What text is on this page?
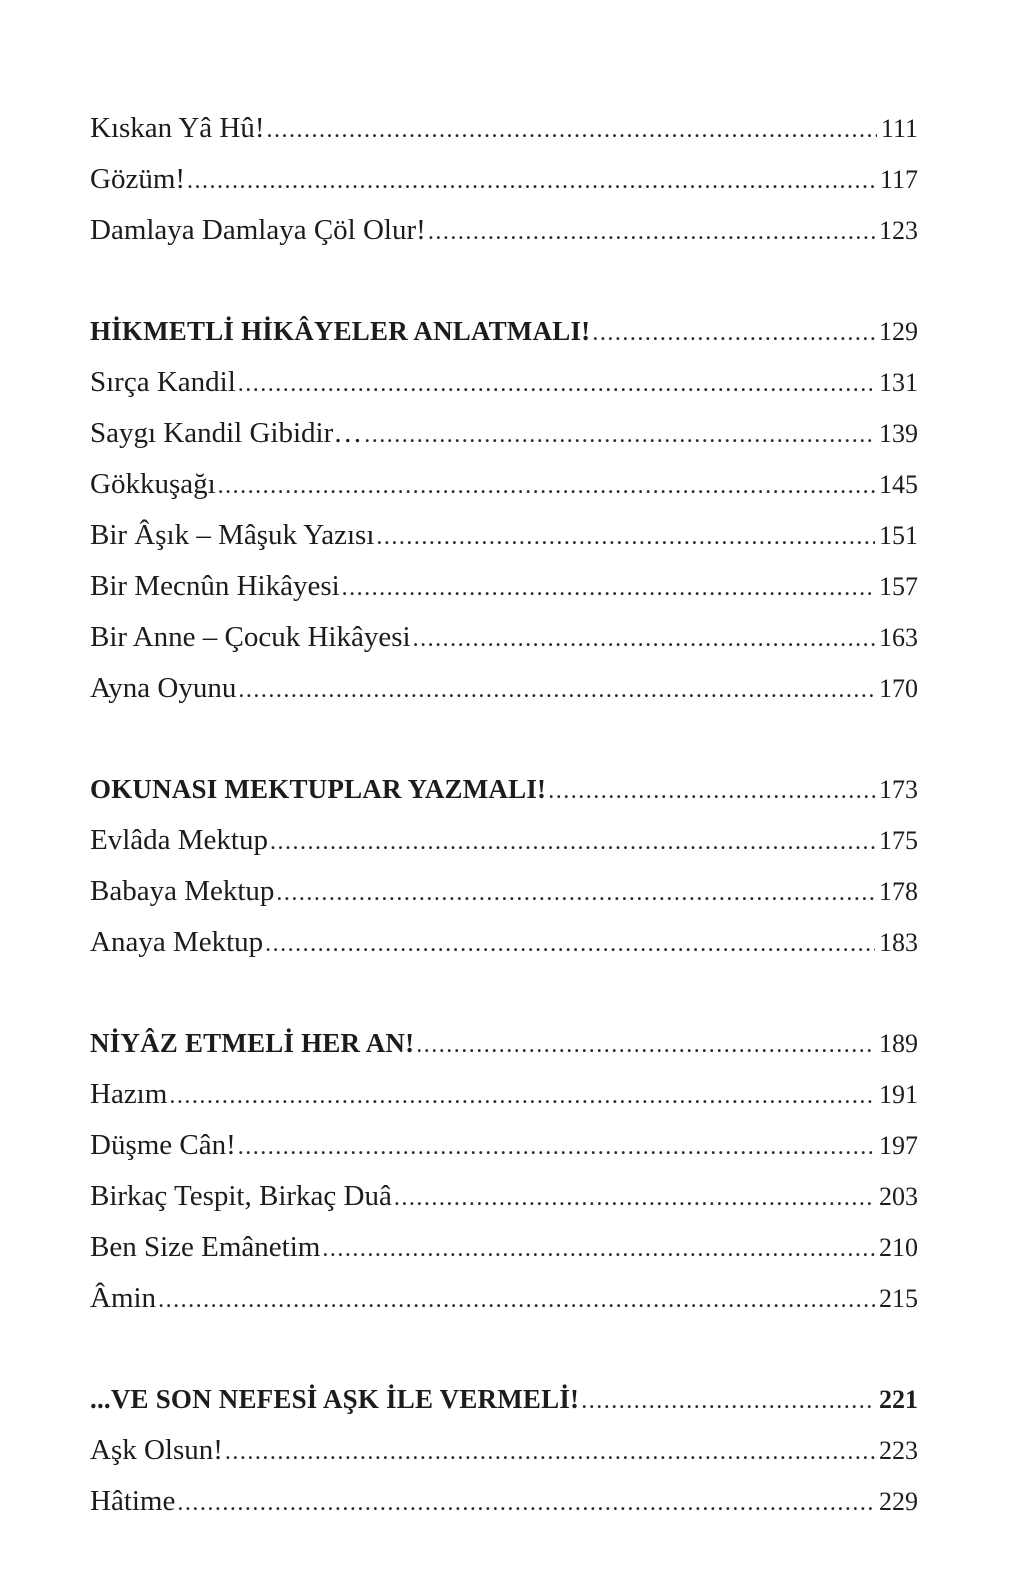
Kıskan Yâ Hû! .....	111
Gözüm! .....	117
Damlaya Damlaya Çöl Olur! .....	123
HİKMETLİ HİKÂYELER ANLATMALI! .....	129
Sırça Kandil .....	131
Saygı Kandil Gibidir… .....	139
Gökkuşağı .....	145
Bir Âşık – Mâşuk Yazısı .....	151
Bir Mecnûn Hikâyesi .....	157
Bir Anne – Çocuk Hikâyesi .....	163
Ayna Oyunu .....	170
OKUNASI MEKTUPLAR YAZMALI! .....	173
Evlâda Mektup .....	175
Babaya Mektup .....	178
Anaya Mektup .....	183
NİYÂZ ETMELİ HER AN! .....	189
Hazım .....	191
Düşme Cân! .....	197
Birkaç Tespit, Birkaç Duâ .....	203
Ben Size Emânetim .....	210
Âmin .....	215
...VE SON NEFESİ AŞK İLE VERMELİ! .....	221
Aşk Olsun! .....	223
Hâtime .....	229
